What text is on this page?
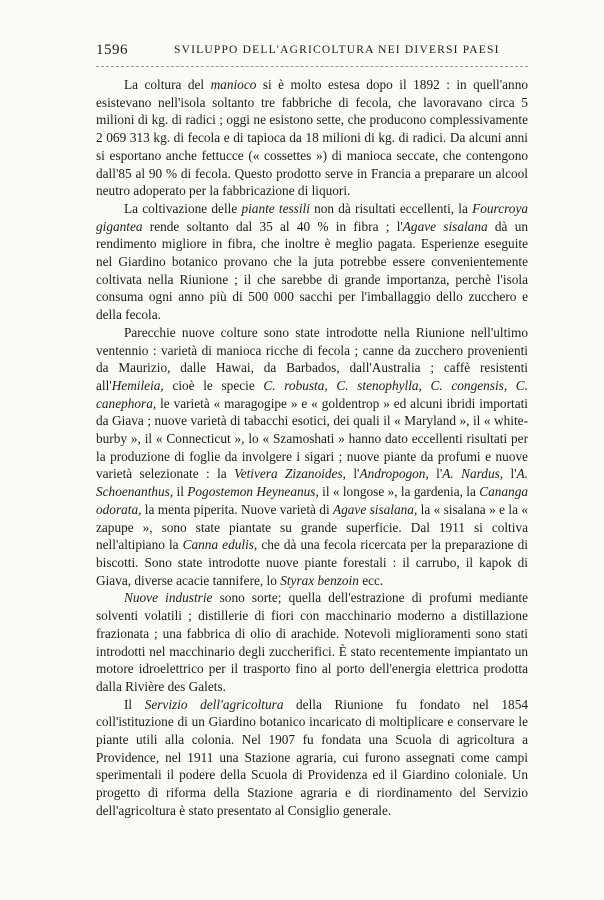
1596	SVILUPPO DELL'AGRICOLTURA NEI DIVERSI PAESI

La coltura del manioco si è molto estesa dopo il 1892 : in quell'anno esistevano nell'isola soltanto tre fabbriche di fecola, che lavoravano circa 5 milioni di kg. di radici ; oggi ne esistono sette, che producono complessivamente 2 069 313 kg. di fecola e di tapioca da 18 milioni di kg. di radici. Da alcuni anni si esportano anche fettucce (« cossettes ») di manioca seccate, che contengono dall'85 al 90 % di fecola. Questo prodotto serve in Francia a preparare un alcool neutro adoperato per la fabbricazione di liquori.

La coltivazione delle piante tessili non dà risultati eccellenti, la Fourcroya gigantea rende soltanto dal 35 al 40 % in fibra ; l'Agave sisalana dà un rendimento migliore in fibra, che inoltre è meglio pagata. Esperienze eseguite nel Giardino botanico provano che la juta potrebbe essere convenientemente coltivata nella Riunione ; il che sarebbe di grande importanza, perchè l'isola consuma ogni anno più di 500 000 sacchi per l'imballaggio dello zucchero e della fecola.

Parecchie nuove colture sono state introdotte nella Riunione nell'ultimo ventennio : varietà di manioca ricche di fecola ; canne da zucchero provenienti da Maurizio, dalle Hawai, da Barbados, dall'Australia ; caffè resistenti all'Hemileia, cioè le specie C. robusta, C. stenophylla, C. congensis, C. canephora, le varietà « maragogipe » e « goldentrop » ed alcuni ibridi importati da Giava ; nuove varietà di tabacchi esotici, dei quali il « Maryland », il « white-burby », il « Connecticut », lo « Szamoshati » hanno dato eccellenti risultati per la produzione di foglie da involgere i sigari ; nuove piante da profumi e nuove varietà selezionate : la Vetivera Zizanoides, l'Andropogon, l'A. Nardus, l'A. Schoenanthus, il Pogostemon Heyneanus, il « longose », la gardenia, la Cananga odorata, la menta piperita. Nuove varietà di Agave sisalana, la « sisalana » e la « zapupe », sono state piantate su grande superficie. Dal 1911 si coltiva nell'altipiano la Canna edulis, che dà una fecola ricercata per la preparazione di biscotti. Sono state introdotte nuove piante forestali : il carrubo, il kapok di Giava, diverse acacie tannifere, lo Styrax benzoin ecc.

Nuove industrie sono sorte; quella dell'estrazione di profumi mediante solventi volatili ; distillerie di fiori con macchinario moderno a distillazione frazionata ; una fabbrica di olio di arachide. Notevoli miglioramenti sono stati introdotti nel macchinario degli zuccherifici. È stato recentemente impiantato un motore idroelettrico per il trasporto fino al porto dell'energia elettrica prodotta dalla Rivière des Galets.

Il Servizio dell'agricoltura della Riunione fu fondato nel 1854 coll'istituzione di un Giardino botanico incaricato di moltiplicare e conservare le piante utili alla colonia. Nel 1907 fu fondata una Scuola di agricoltura a Providence, nel 1911 una Stazione agraria, cui furono assegnati come campi sperimentali il podere della Scuola di Providenza ed il Giardino coloniale. Un progetto di riforma della Stazione agraria e di riordinamento del Servizio dell'agricoltura è stato presentato al Consiglio generale.
